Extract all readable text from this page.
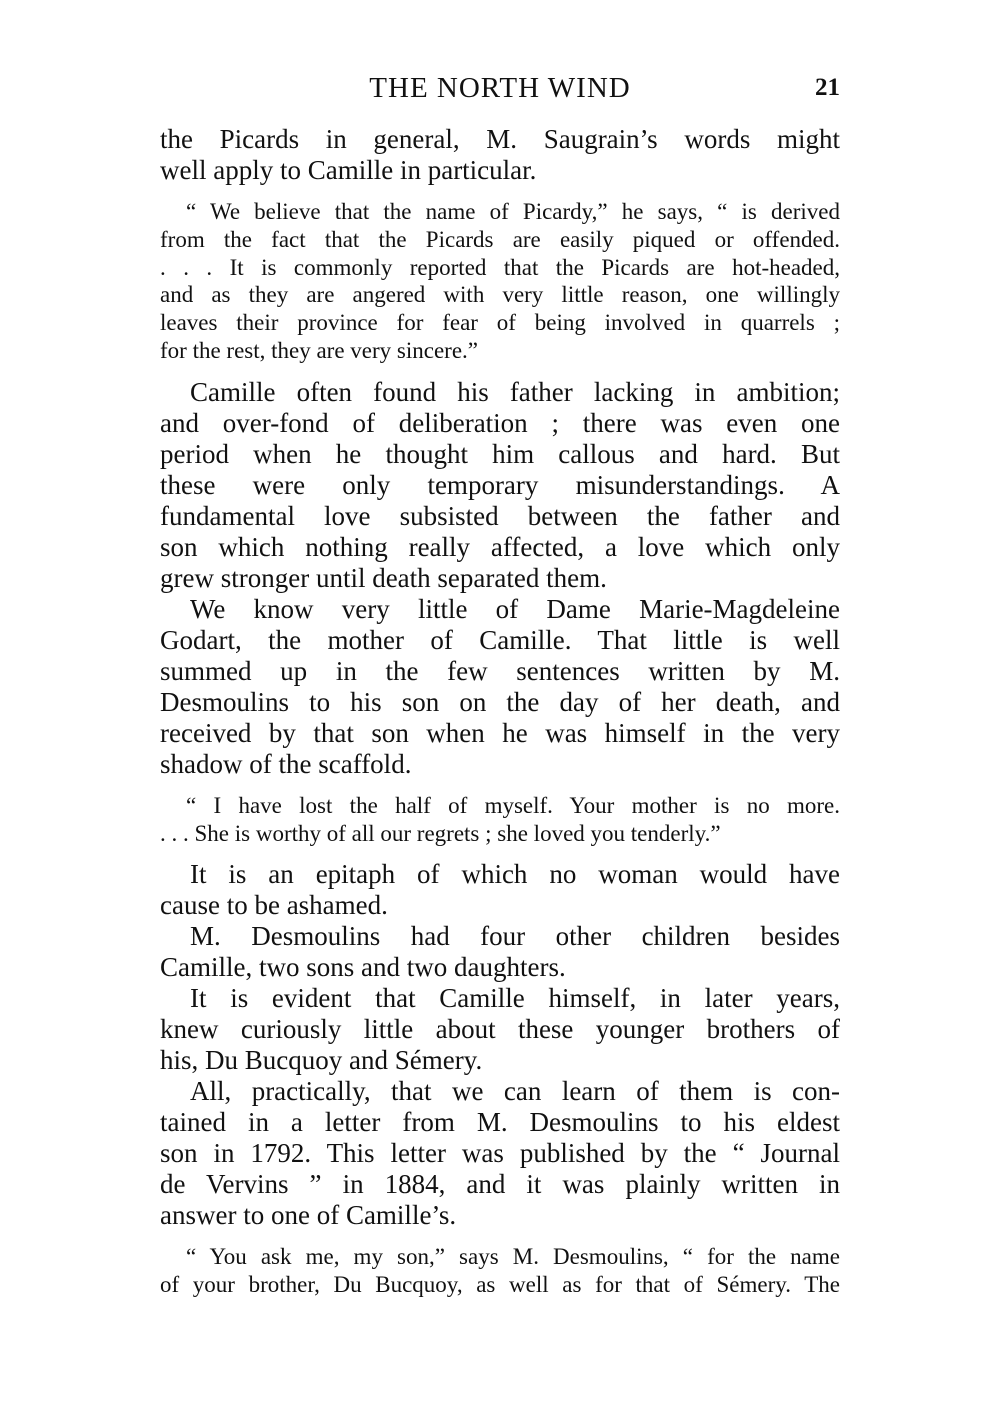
THE NORTH WIND	21
the Picards in general, M. Saugrain’s words might
well apply to Camille in particular.
“ We believe that the name of Picardy,” he says, “ is derived
from the fact that the Picards are easily piqued or offended.
. . . It is commonly reported that the Picards are hot-headed,
and as they are angered with very little reason, one willingly
leaves their province for fear of being involved in quarrels ;
for the rest, they are very sincere.”
Camille often found his father lacking in ambition;
and over-fond of deliberation ; there was even one
period when he thought him callous and hard. But
these were only temporary misunderstandings. A
fundamental love subsisted between the father and
son which nothing really affected, a love which only
grew stronger until death separated them.
We know very little of Dame Marie-Magdeleine
Godart, the mother of Camille. That little is well
summed up in the few sentences written by M.
Desmoulins to his son on the day of her death, and
received by that son when he was himself in the very
shadow of the scaffold.
“ I have lost the half of myself. Your mother is no more.
. . . She is worthy of all our regrets ; she loved you tenderly.”
It is an epitaph of which no woman would have
cause to be ashamed.
M. Desmoulins had four other children besides
Camille, two sons and two daughters.
It is evident that Camille himself, in later years,
knew curiously little about these younger brothers of
his, Du Bucquoy and Sémery.
All, practically, that we can learn of them is con-
tained in a letter from M. Desmoulins to his eldest
son in 1792. This letter was published by the “ Journal
de Vervins ” in 1884, and it was plainly written in
answer to one of Camille’s.
“ You ask me, my son,” says M. Desmoulins, “ for the name
of your brother, Du Bucquoy, as well as for that of Sémery. The
